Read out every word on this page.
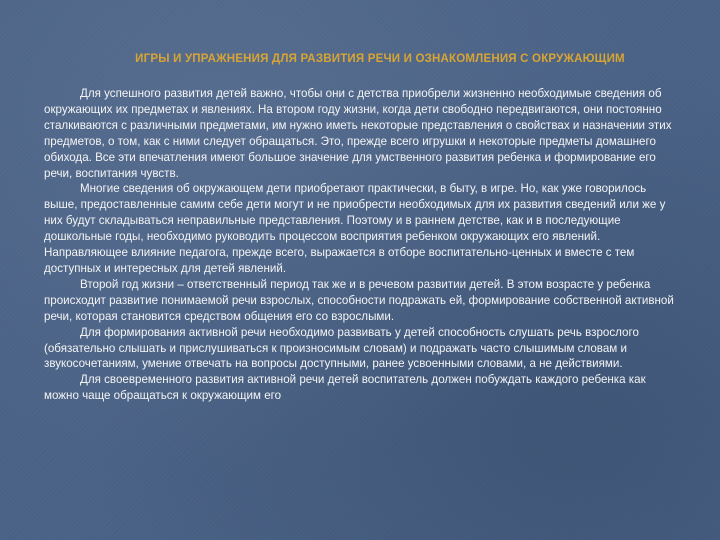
ИГРЫ И УПРАЖНЕНИЯ ДЛЯ РАЗВИТИЯ РЕЧИ И ОЗНАКОМЛЕНИЯ С ОКРУЖАЮЩИМ

Для успешного развития детей важно, чтобы они с детства приобрели жизненно необходимые сведения об окружающих их предметах и явлениях. На втором году жизни, когда дети свободно передвигаются, они постоянно сталкиваются с различными предметами, им нужно иметь некоторые представления о свойствах и назначении этих предметов, о том, как с ними следует обращаться. Это, прежде всего игрушки и некоторые предметы домашнего обихода. Все эти впечатления имеют большое значение для умственного развития ребенка и формирование его речи, воспитания чувств.

Многие сведения об окружающем дети приобретают практически, в быту, в игре. Но, как уже говорилось выше, предоставленные самим себе дети могут и не приобрести необходимых для их развития сведений или же у них будут складываться неправильные представления. Поэтому и в раннем детстве, как и в последующие дошкольные годы, необходимо руководить процессом восприятия ребенком окружающих его явлений. Направляющее влияние педагога, прежде всего, выражается в отборе воспитательно-ценных и вместе с тем доступных и интересных для детей явлений.

Второй год жизни – ответственный период так же и в речевом развитии детей. В этом возрасте у ребенка происходит развитие понимаемой речи взрослых, способности подражать ей, формирование собственной активной речи, которая становится средством общения его со взрослыми.

Для формирования активной речи необходимо развивать у детей способность слушать речь взрослого (обязательно слышать и прислушиваться к произносимым словам) и подражать часто слышимым словам и звукосочетаниям, умение отвечать на вопросы доступными, ранее усвоенными словами, а не действиями.

Для своевременного развития активной речи детей воспитатель должен побуждать каждого ребенка как можно чаще обращаться к окружающим его
